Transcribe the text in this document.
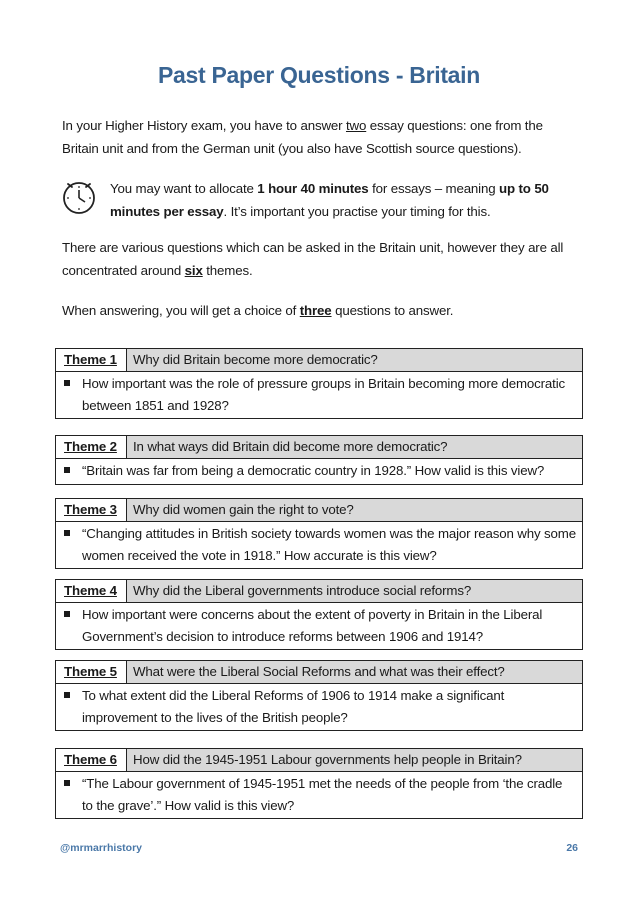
Past Paper Questions - Britain
In your Higher History exam, you have to answer two essay questions: one from the Britain unit and from the German unit (you also have Scottish source questions).
You may want to allocate 1 hour 40 minutes for essays – meaning up to 50 minutes per essay. It’s important you practise your timing for this.
There are various questions which can be asked in the Britain unit, however they are all concentrated around six themes.
When answering, you will get a choice of three questions to answer.
Theme 1	Why did Britain become more democratic?
How important was the role of pressure groups in Britain becoming more democratic between 1851 and 1928?
Theme 2	In what ways did Britain did become more democratic?
“Britain was far from being a democratic country in 1928.” How valid is this view?
Theme 3	Why did women gain the right to vote?
“Changing attitudes in British society towards women was the major reason why some women received the vote in 1918.” How accurate is this view?
Theme 4	Why did the Liberal governments introduce social reforms?
How important were concerns about the extent of poverty in Britain in the Liberal Government’s decision to introduce reforms between 1906 and 1914?
Theme 5	What were the Liberal Social Reforms and what was their effect?
To what extent did the Liberal Reforms of 1906 to 1914 make a significant improvement to the lives of the British people?
Theme 6	How did the 1945-1951 Labour governments help people in Britain?
“The Labour government of 1945-1951 met the needs of the people from ‘the cradle to the grave’.” How valid is this view?
@mrmarrhistory	26
